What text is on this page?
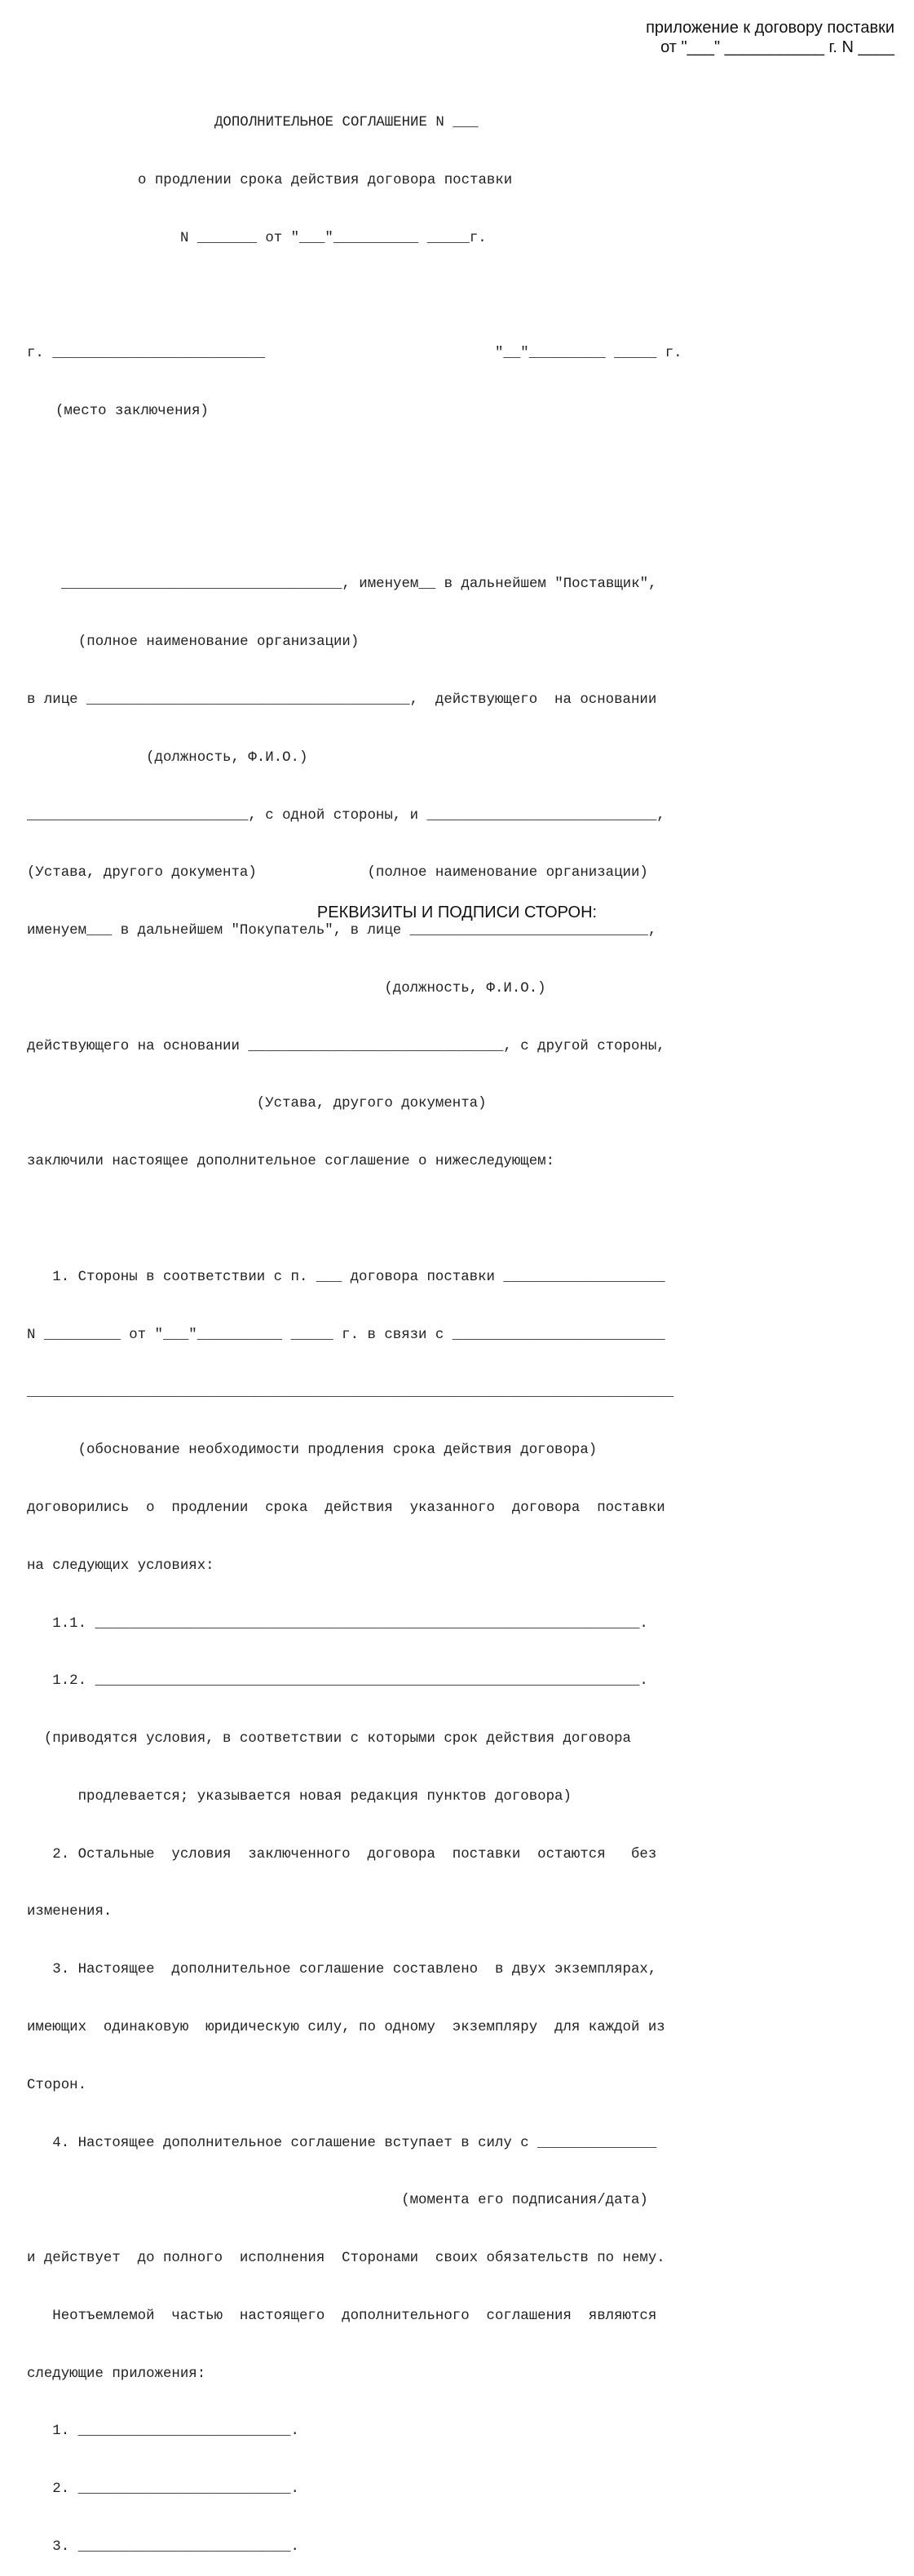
приложение к договору поставки
от "___" ___________ г. N ____

ДОПОЛНИТЕЛЬНОЕ СОГЛАШЕНИЕ N ___

о продлении срока действия договора поставки

N _______ от "___"__________ _____г.

г. _________________________                           "__"_________ _____ г.

(место заключения)

_________________________________, именуем__ в дальнейшем "Поставщик",

(полное наименование организации)

в лице ______________________________________,  действующего  на основании

(должность, Ф.И.О.)

__________________________, с одной стороны, и ___________________________,

(Устава, другого документа)             (полное наименование организации)

именуем___ в дальнейшем "Покупатель", в лице ____________________________,

(должность, Ф.И.О.)

действующего на основании ______________________________, с другой стороны,

(Устава, другого документа)

заключили настоящее дополнительное соглашение о нижеследующем:

1. Стороны в соответствии с п. ___ договора поставки ___________________

N _________ от "___"__________ _____ г. в связи с _________________________

____________________________________________________________________________

(обоснование необходимости продления срока действия договора)

договорились  о  продлении  срока  действия  указанного  договора  поставки

на следующих условиях:

1.1. ________________________________________________________________.

1.2. ________________________________________________________________.

(приводятся условия, в соответствии с которыми срок действия договора

продлевается; указывается новая редакция пунктов договора)

2. Остальные  условия  заключенного  договора  поставки  остаются   без

изменения.

3. Настоящее  дополнительное соглашение составлено  в двух экземплярах,

имеющих  одинаковую  юридическую силу, по одному  экземпляру  для каждой из

Сторон.

4. Настоящее дополнительное соглашение вступает в силу с ______________

(момента его подписания/дата)

и действует  до полного  исполнения  Сторонами  своих обязательств по нему.

Неотъемлемой  частью  настоящего  дополнительного  соглашения  являются

следующие приложения:

1. _________________________.

2. _________________________.

3. _________________________.

РЕКВИЗИТЫ И ПОДПИСИ СТОРОН:
